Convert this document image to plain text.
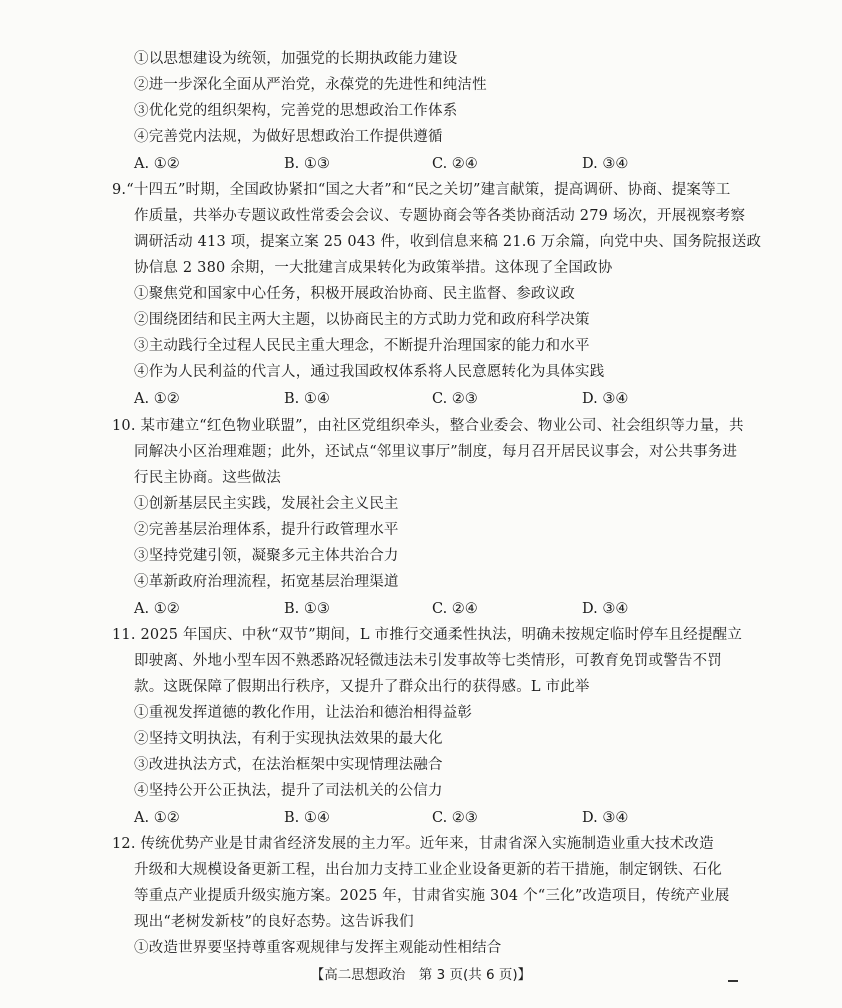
①以思想建设为统领，加强党的长期执政能力建设
②进一步深化全面从严治党，永葆党的先进性和纯洁性
③优化党的组织架构，完善党的思想政治工作体系
④完善党内法规，为做好思想政治工作提供遵循
A. ①②	B. ①③	C. ②④	D. ③④
9.“十四五”时期，全国政协紧扣“国之大者”和“民之关切”建言献策，提高调研、协商、提案等工
作质量，共举办专题议政性常委会会议、专题协商会等各类协商活动 279 场次，开展视察考察
调研活动 413 项，提案立案 25 043 件，收到信息来稿 21.6 万余篇，向党中央、国务院报送政
协信息 2 380 余期，一大批建言成果转化为政策举措。这体现了全国政协
①聚焦党和国家中心任务，积极开展政治协商、民主监督、参政议政
②围绕团结和民主两大主题，以协商民主的方式助力党和政府科学决策
③主动践行全过程人民民主重大理念，不断提升治理国家的能力和水平
④作为人民利益的代言人，通过我国政权体系将人民意愿转化为具体实践
A. ①②	B. ①④	C. ②③	D. ③④
10. 某市建立“红色物业联盟”，由社区党组织牵头，整合业委会、物业公司、社会组织等力量，共
同解决小区治理难题；此外，还试点“邻里议事厅”制度，每月召开居民议事会，对公共事务进
行民主协商。这些做法
①创新基层民主实践，发展社会主义民主
②完善基层治理体系，提升行政管理水平
③坚持党建引领，凝聚多元主体共治合力
④革新政府治理流程，拓宽基层治理渠道
A. ①②	B. ①③	C. ②④	D. ③④
11. 2025 年国庆、中秋“双节”期间，L 市推行交通柔性执法，明确未按规定临时停车且经提醒立
即驶离、外地小型车因不熟悉路况轻微违法未引发事故等七类情形，可教育免罚或警告不罚
款。这既保障了假期出行秩序，又提升了群众出行的获得感。L 市此举
①重视发挥道德的教化作用，让法治和德治相得益彰
②坚持文明执法，有利于实现执法效果的最大化
③改进执法方式，在法治框架中实现情理法融合
④坚持公开公正执法，提升了司法机关的公信力
A. ①②	B. ①④	C. ②③	D. ③④
12. 传统优势产业是甘肃省经济发展的主力军。近年来，甘肃省深入实施制造业重大技术改造
升级和大规模设备更新工程，出台加力支持工业企业设备更新的若干措施，制定钢铁、石化
等重点产业提质升级实施方案。2025 年，甘肃省实施 304 个“三化”改造项目，传统产业展
现出“老树发新枝”的良好态势。这告诉我们
①改造世界要坚持尊重客观规律与发挥主观能动性相结合
【高二思想政治　第 3 页(共 6 页)】
